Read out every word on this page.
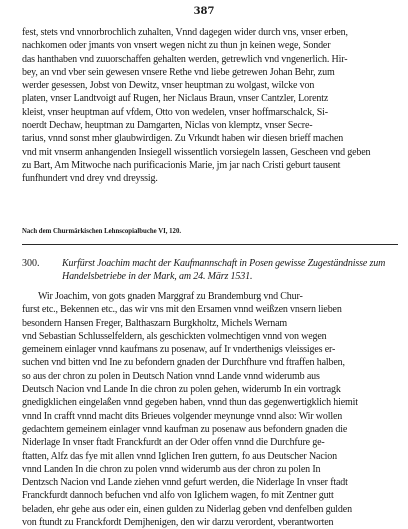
387
fest, stets vnd vnnorbrochlich zuhalten, Vnnd dagegen wider durch vns, vnser erben,
nachkomen oder jmants von vnsert wegen nicht zu thun jn keinen wege, Sonder
das hanthaben vnd zuuorschaffen gehalten werden, getrewlich vnd vngenerlich. Hir-
bey, an vnd vber sein gewesen vnsere Rethe vnd liebe getrewen Johan Behr, zum
werder gesessen, Jobst von Dewitz, vnser heuptman zu wolgast, wilcke von
platen, vnser Landtvoigt auf Rugen, her Niclaus Braun, vnser Cantzler, Lorentz
kleist, vnser heuptman auf vfdem, Otto von wedelen, vnser hoffmarschalck, Si-
noerdt Dechaw, heuptman zu Damgarten, Niclas von klemptz, vnser Secre-
tarius, vnnd sonst mher glaubwirdigen. Zu Vrkundt haben wir diesen brieff machen
vnd mit vnserm anhangenden Insiegell wissentlich vorsiegeln lassen, Gescheen vnd geben
zu Bart, Am Mitwoche nach purificacionis Marie, jm jar nach Cristi geburt tausent
funfhundert vnd drey vnd dreyssig.
Nach dem Churmärkischen Lehnscopialbuche VI, 120.
300. Kurfürst Joachim macht der Kaufmannschaft in Posen gewisse Zugeständnisse zum
Handelsbetriebe in der Mark, am 24. März 1531.
Wir Joachim, von gots gnaden Marggraf zu Brandemburg vnd Chur-
furst etc., Bekennen etc., das wir vns mit den Ersamen vnnd weißzen vnsern lieben
besondern Hansen Freger, Balthaszarn Burgkholtz, Michels Wernam
vnd Sebastian Schlusselfeldern, als geschickten volmechtigen vnnd von wegen
gemeinem einlager vnnd kaufmans zu posenaw, auf Ir vnderthenigs vleissiges er-
suchen vnd bitten vnd Ine zu befondern gnaden der Durchfhure vnd ftraffen halben,
so aus der chron zu polen in Deutsch Nation vnnd Lande vnnd widerumb aus
Deutsch Nacion vnd Lande In die chron zu polen gehen, widerumb In ein vortragk
gnedigklichen eingelaßen vnnd gegeben haben, vnnd thun das gegenwertigklich hiemit
vnnd In crafft vnnd macht dits Brieues volgender meynunge vnnd also: Wir wollen
gedachtem gemeinem einlager vnnd kaufman zu posenaw aus befondern gnaden die
Niderlage In vnser ftadt Franckfurdt an der Oder offen vnnd die Durchfure ge-
ftatten, Alfz das fye mit allen vnnd Iglichen Iren guttern, fo aus Deutscher Nacion
vnnd Landen In die chron zu polen vnnd widerumb aus der chron zu polen In
Dentzsch Nacion vnd Lande ziehen vnnd gefurt werden, die Niderlage In vnser ftadt
Franckfurdt dannoch befuchen vnd alfo von Iglichem wagen, fo mit Zentner gutt
beladen, ehr gehe aus oder ein, einen gulden zu Niderlag geben vnd denfelben gulden
von ftundt zu Franckfordt Demjhenigen, den wir darzu verordent, vberantworten
